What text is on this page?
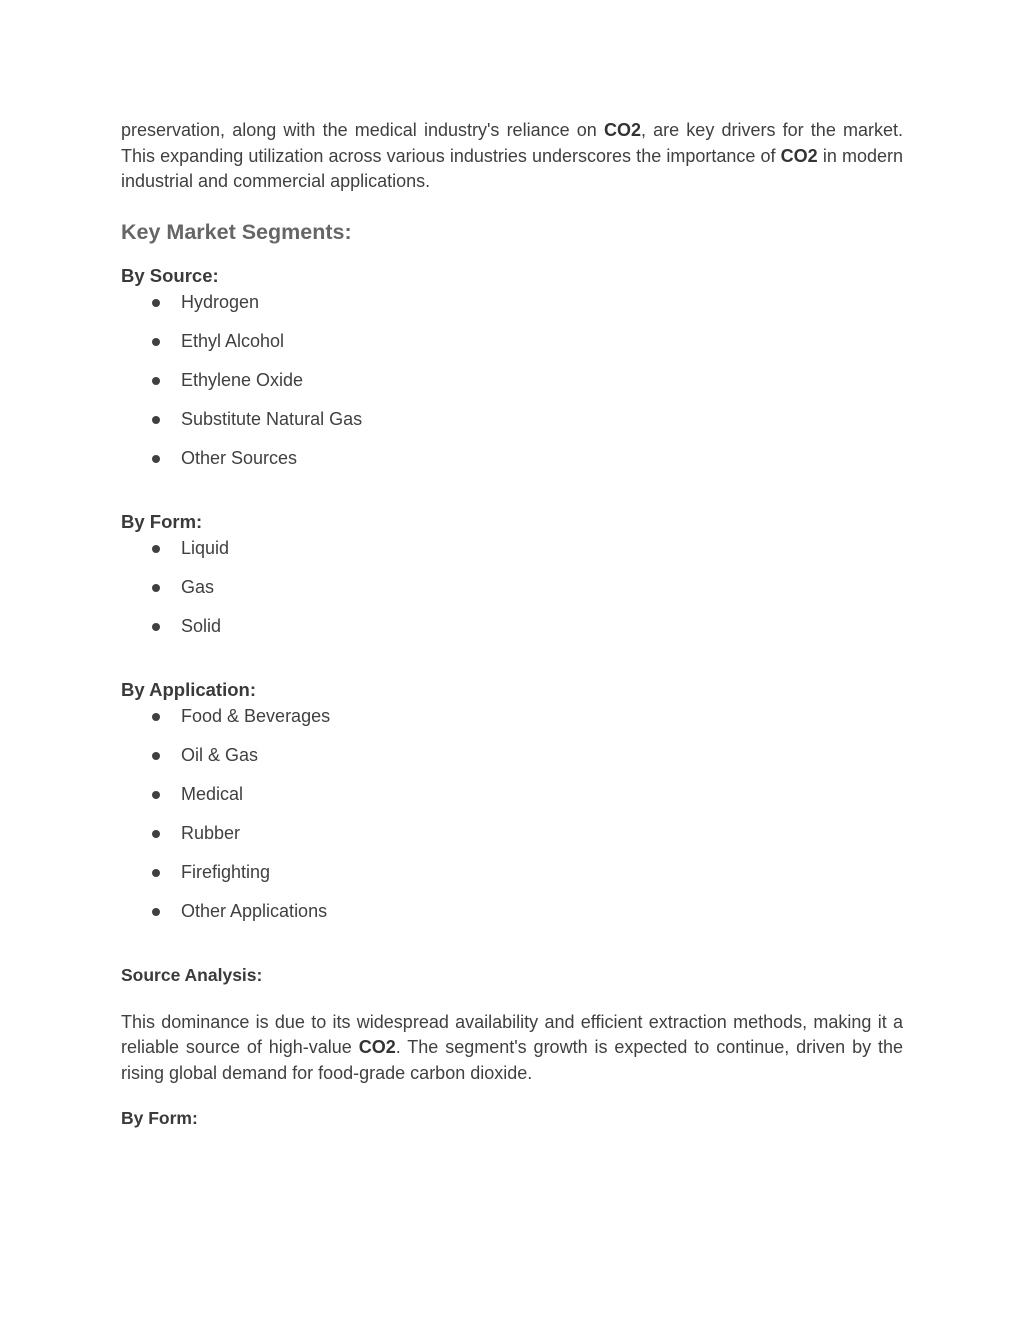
preservation, along with the medical industry's reliance on CO2, are key drivers for the market. This expanding utilization across various industries underscores the importance of CO2 in modern industrial and commercial applications.

Key Market Segments:
By Source:
Hydrogen
Ethyl Alcohol
Ethylene Oxide
Substitute Natural Gas
Other Sources
By Form:
Liquid
Gas
Solid
By Application:
Food & Beverages
Oil & Gas
Medical
Rubber
Firefighting
Other Applications
Source Analysis:

This dominance is due to its widespread availability and efficient extraction methods, making it a reliable source of high-value CO2. The segment's growth is expected to continue, driven by the rising global demand for food-grade carbon dioxide.

By Form:
